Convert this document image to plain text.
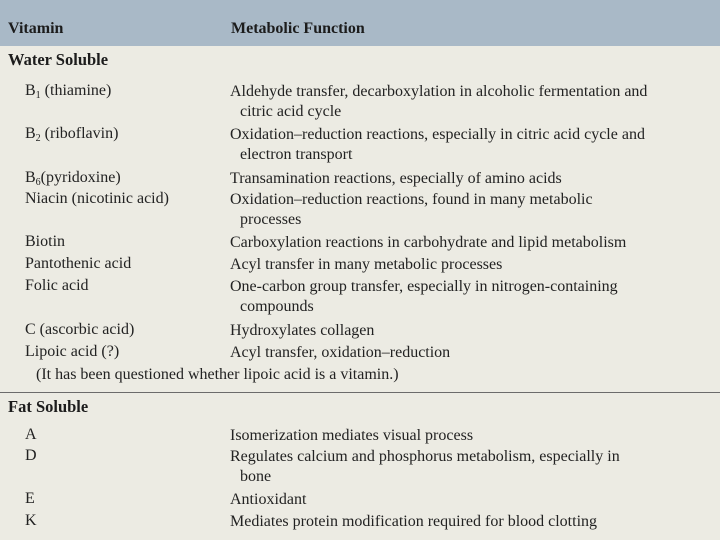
Vitamin	Metabolic Function
Water Soluble
$B_1$ (thiamine)	Aldehyde transfer, decarboxylation in alcoholic fermentation and
citric acid cycle
$B_2$ (riboflavin)	Oxidation–reduction reactions, especially in citric acid cycle and
electron transport
$B_6(pyridoxine)$	Transamination reactions, especially of amino acids
Niacin (nicotinic acid)	Oxidation–reduction reactions, found in many metabolic
processes
Biotin	Carboxylation reactions in carbohydrate and lipid metabolism
Pantothenic acid	Acyl transfer in many metabolic processes
Folic acid	One-carbon group transfer, especially in nitrogen-containing
compounds
C (ascorbic acid)	Hydroxylates collagen
Lipoic acid (?)	Acyl transfer, oxidation–reduction
(It has been questioned whether lipoic acid is a vitamin.)
Fat Soluble
A	Isomerization mediates visual process
D	Regulates calcium and phosphorus metabolism, especially in
bone
E	Antioxidant
K	Mediates protein modification required for blood clotting
